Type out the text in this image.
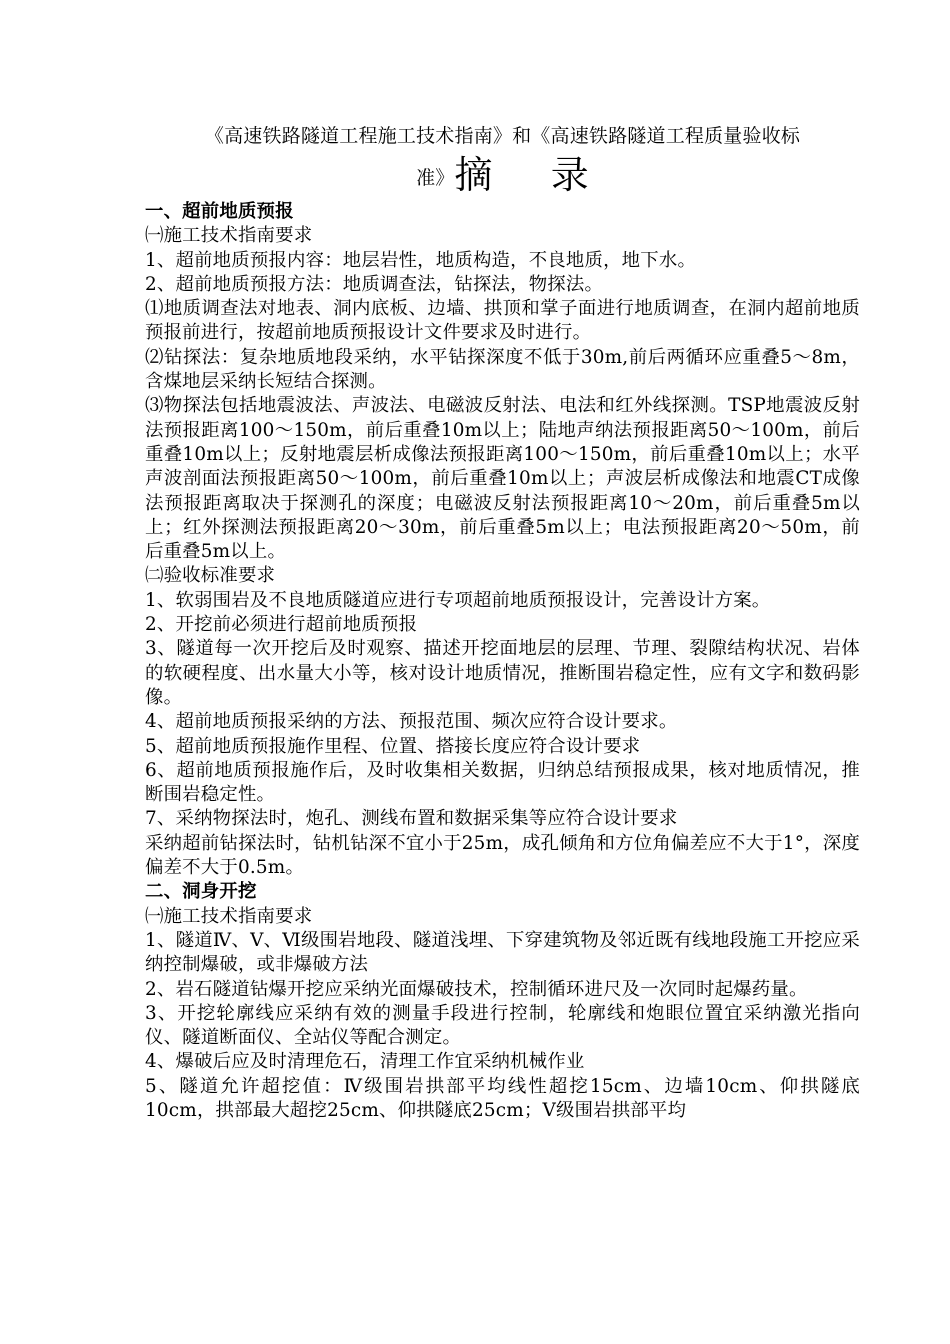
《高速铁路隧道工程施工技术指南》和《高速铁路隧道工程质量验收标
准》摘 录

一、超前地质预报

㈠施工技术指南要求

1、超前地质预报内容：地层岩性，地质构造，不良地质，地下水。

2、超前地质预报方法：地质调查法，钻探法，物探法。

⑴地质调查法对地表、洞内底板、边墙、拱顶和掌子面进行地质调查，在洞内超前地质预报前进行，按超前地质预报设计文件要求及时进行。

⑵钻探法：复杂地质地段采纳，水平钻探深度不低于30m,前后两循环应重叠5～8m，含煤地层采纳长短结合探测。

⑶物探法包括地震波法、声波法、电磁波反射法、电法和红外线探测。TSP地震波反射法预报距离100～150m，前后重叠10m以上；陆地声纳法预报距离50～100m，前后重叠10m以上；反射地震层析成像法预报距离100～150m，前后重叠10m以上；水平声波剖面法预报距离50～100m，前后重叠10m以上；声波层析成像法和地震CT成像法预报距离取决于探测孔的深度；电磁波反射法预报距离10～20m，前后重叠5m以上；红外探测法预报距离20～30m，前后重叠5m以上；电法预报距离20～50m，前后重叠5m以上。

㈡验收标准要求

1、软弱围岩及不良地质隧道应进行专项超前地质预报设计，完善设计方案。

2、开挖前必须进行超前地质预报

3、隧道每一次开挖后及时观察、描述开挖面地层的层理、节理、裂隙结构状况、岩体的软硬程度、出水量大小等，核对设计地质情况，推断围岩稳定性，应有文字和数码影像。

4、超前地质预报采纳的方法、预报范围、频次应符合设计要求。

5、超前地质预报施作里程、位置、搭接长度应符合设计要求

6、超前地质预报施作后，及时收集相关数据，归纳总结预报成果，核对地质情况，推断围岩稳定性。

7、采纳物探法时，炮孔、测线布置和数据采集等应符合设计要求

采纳超前钻探法时，钻机钻深不宜小于25m，成孔倾角和方位角偏差应不大于1°，深度偏差不大于0.5m。

二、洞身开挖

㈠施工技术指南要求

1、隧道Ⅳ、Ⅴ、Ⅵ级围岩地段、隧道浅埋、下穿建筑物及邻近既有线地段施工开挖应采纳控制爆破，或非爆破方法

2、岩石隧道钻爆开挖应采纳光面爆破技术，控制循环进尺及一次同时起爆药量。

3、开挖轮廓线应采纳有效的测量手段进行控制，轮廓线和炮眼位置宜采纳激光指向仪、隧道断面仪、全站仪等配合测定。

4、爆破后应及时清理危石，清理工作宜采纳机械作业

5、隧道允许超挖值：Ⅳ级围岩拱部平均线性超挖15cm、边墙10cm、仰拱隧底10cm，拱部最大超挖25cm、仰拱隧底25cm；Ⅴ级围岩拱部平均
